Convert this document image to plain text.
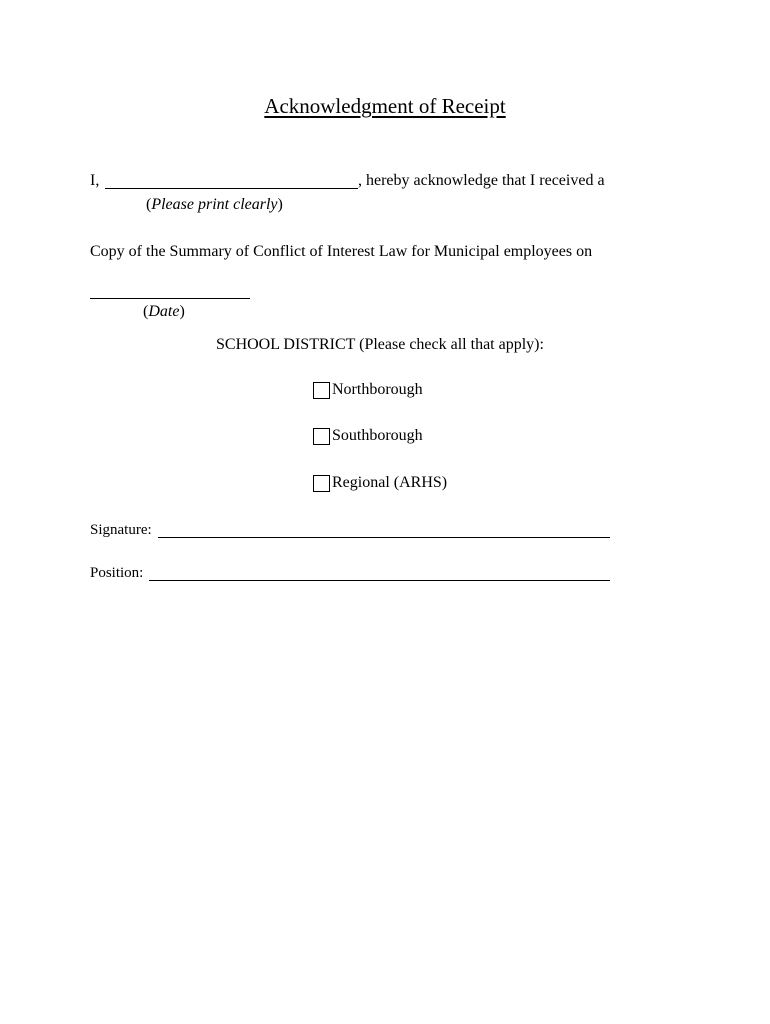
Acknowledgment of Receipt
I,	, hereby acknowledge that I received a
(Please print clearly)
Copy of the Summary of Conflict of Interest Law for Municipal employees on
(Date)
SCHOOL DISTRICT (Please check all that apply):
Northborough
Southborough
Regional (ARHS)
Signature:
Position:
